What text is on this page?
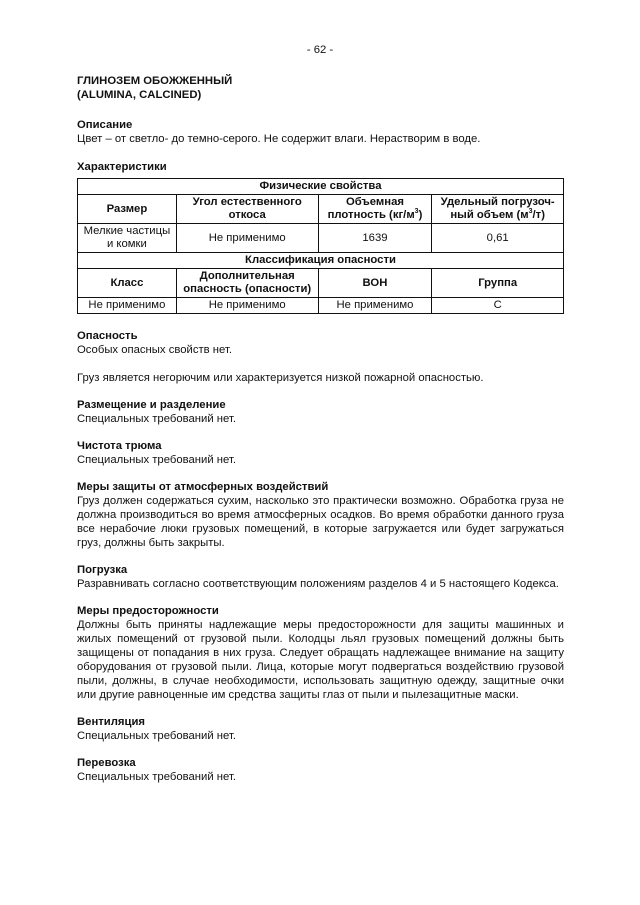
- 62 -
ГЛИНОЗЕМ ОБОЖЖЕННЫЙ
(ALUMINA, CALCINED)
Описание
Цвет – от светло- до темно-серого. Не содержит влаги. Нерастворим в воде.
Характеристики
Физические свойства			
Размер	Угол естественного откоса	Объемная плотность $(кг/м^3)$	Удельный погрузоч-ный объем $(м^3/т)$
Мелкие частицы и комки	Не применимо	1639	0,61
Классификация опасности			
Класс	Дополнительная опасность (опасности)	ВОН	Группа
Не применимо	Не применимо	Не применимо	C
Опасность
Особых опасных свойств нет.
Груз является негорючим или характеризуется низкой пожарной опасностью.
Размещение и разделение
Специальных требований нет.
Чистота трюма
Специальных требований нет.
Меры защиты от атмосферных воздействий
Груз должен содержаться сухим, насколько это практически возможно. Обработка груза не должна производиться во время атмосферных осадков. Во время обработки данного груза все нерабочие люки грузовых помещений, в которые загружается или будет загружаться груз, должны быть закрыты.
Погрузка
Разравнивать согласно соответствующим положениям разделов 4 и 5 настоящего Кодекса.
Меры предосторожности
Должны быть приняты надлежащие меры предосторожности для защиты машинных и жилых помещений от грузовой пыли. Колодцы льял грузовых помещений должны быть защищены от попадания в них груза. Следует обращать надлежащее внимание на защиту оборудования от грузовой пыли. Лица, которые могут подвергаться воздействию грузовой пыли, должны, в случае необходимости, использовать защитную одежду, защитные очки или другие равноценные им средства защиты глаз от пыли и пылезащитные маски.
Вентиляция
Специальных требований нет.
Перевозка
Специальных требований нет.
